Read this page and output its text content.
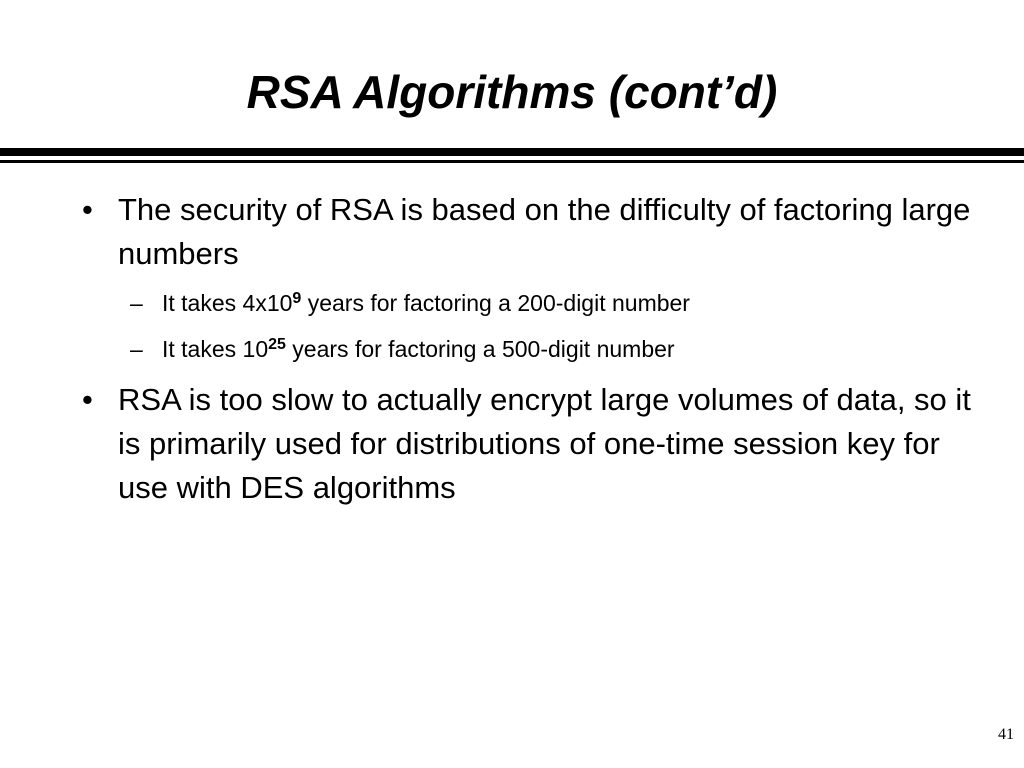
RSA Algorithms (cont’d)
• The security of RSA is based on the difficulty of factoring large numbers
– It takes $4x10^9$ years for factoring a 200-digit number
– It takes $10^{25}$ years for factoring a 500-digit number
• RSA is too slow to actually encrypt large volumes of data, so it is primarily used for distributions of one-time session key for use with DES algorithms
41
